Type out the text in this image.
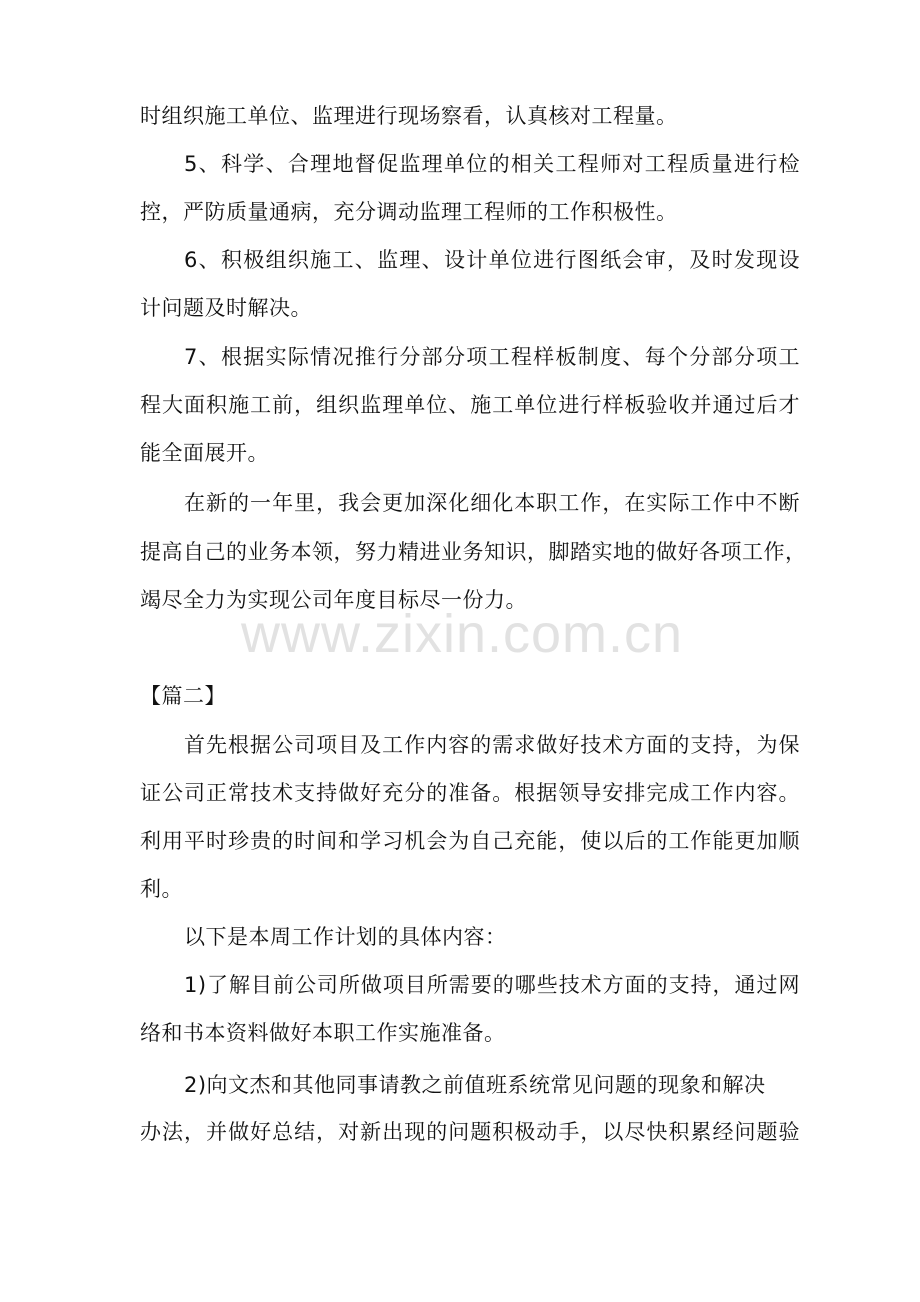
时组织施工单位、监理进行现场察看，认真核对工程量。
5、科学、合理地督促监理单位的相关工程师对工程质量进行检
控，严防质量通病，充分调动监理工程师的工作积极性。
6、积极组织施工、监理、设计单位进行图纸会审，及时发现设
计问题及时解决。
7、根据实际情况推行分部分项工程样板制度、每个分部分项工
程大面积施工前，组织监理单位、施工单位进行样板验收并通过后才
能全面展开。
在新的一年里，我会更加深化细化本职工作，在实际工作中不断
提高自己的业务本领，努力精进业务知识，脚踏实地的做好各项工作，
竭尽全力为实现公司年度目标尽一份力。
www.zixin.com.cn
【篇二】
首先根据公司项目及工作内容的需求做好技术方面的支持，为保
证公司正常技术支持做好充分的准备。根据领导安排完成工作内容。
利用平时珍贵的时间和学习机会为自己充能，使以后的工作能更加顺
利。
以下是本周工作计划的具体内容：
1)了解目前公司所做项目所需要的哪些技术方面的支持，通过网
络和书本资料做好本职工作实施准备。
2)向文杰和其他同事请教之前值班系统常见问题的现象和解决
办法，并做好总结，对新出现的问题积极动手，以尽快积累经问题验
